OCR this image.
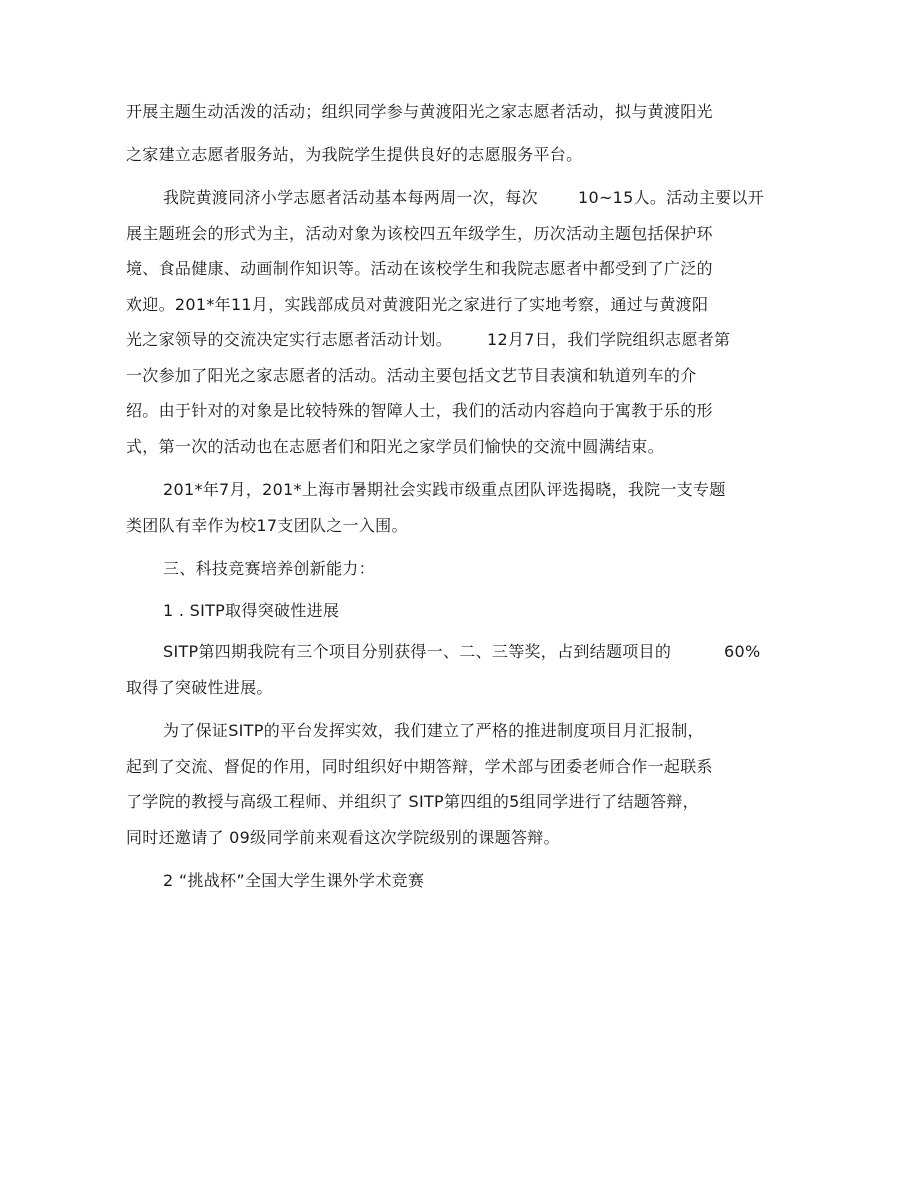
开展主题生动活泼的活动；组织同学参与黄渡阳光之家志愿者活动，拟与黄渡阳光
之家建立志愿者服务站，为我院学生提供良好的志愿服务平台。
我院黄渡同济小学志愿者活动基本每两周一次，每次	10~15人。活动主要以开
展主题班会的形式为主，活动对象为该校四五年级学生，历次活动主题包括保护环
境、食品健康、动画制作知识等。活动在该校学生和我院志愿者中都受到了广泛的
欢迎。201*年11月，实践部成员对黄渡阳光之家进行了实地考察，通过与黄渡阳
光之家领导的交流决定实行志愿者活动计划。 12月7日，我们学院组织志愿者第
一次参加了阳光之家志愿者的活动。活动主要包括文艺节目表演和轨道列车的介
绍。由于针对的对象是比较特殊的智障人士，我们的活动内容趋向于寓教于乐的形
式，第一次的活动也在志愿者们和阳光之家学员们愉快的交流中圆满结束。
201*年7月，201*上海市暑期社会实践市级重点团队评选揭晓，我院一支专题
类团队有幸作为校17支团队之一入围。
三、科技竞赛培养创新能力：
1 . SITP取得突破性进展
SITP第四期我院有三个项目分别获得一、二、三等奖，占到结题项目的	60%
取得了突破性进展。
为了保证SITP的平台发挥实效，我们建立了严格的推进制度项目月汇报制，
起到了交流、督促的作用，同时组织好中期答辩，学术部与团委老师合作一起联系
了学院的教授与高级工程师、并组织了 SITP第四组的5组同学进行了结题答辩，
同时还邀请了 09级同学前来观看这次学院级别的课题答辩。
2 “挑战杯”全国大学生课外学术竞赛
